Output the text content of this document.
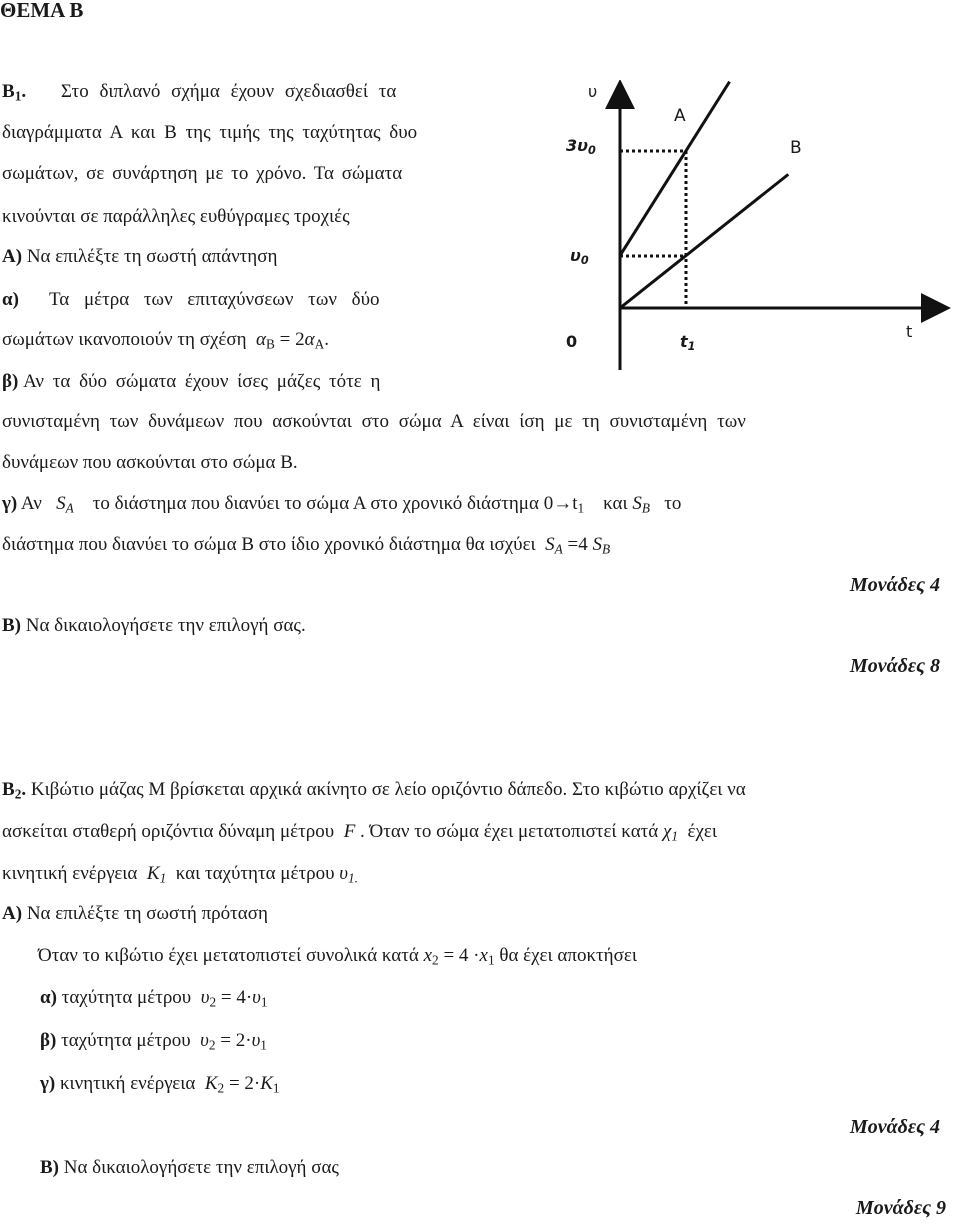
ΘΕΜΑ Β
$B_1$. Στο διπλανό σχήμα έχουν σχεδιασθεί τα
διαγράμματα Α και Β της τιμής της ταχύτητας δυο
σωμάτων, σε συνάρτηση με το χρόνο. Τα σώματα
κινούνται σε παράλληλες ευθύγραμες τροχιές
Α) Να επιλέξτε τη σωστή απάντηση
α) Τα μέτρα των επιταχύνσεων των δύο
σωμάτων ικανοποιούν τη σχέση $\alpha_B = 2\alpha_A$.
β) Αν τα δύο σώματα έχουν ίσες μάζες τότε η
συνισταμένη των δυνάμεων που ασκούνται στο σώμα Α είναι ίση με τη συνισταμένη των
δυνάμεων που ασκούνται στο σώμα Β.
γ) Αν $S_A$ το διάστημα που διανύει το σώμα Α στο χρονικό διάστημα $0\to t_1$ και $S_B$ το
διάστημα που διανύει το σώμα Β στο ίδιο χρονικό διάστημα θα ισχύει $S_A =4$ $S_B$
Μονάδες 4
Β) Να δικαιολογήσετε την επιλογή σας.
Μονάδες 8
υ
$3\upsilon_0$
$\upsilon_0$
0	$t_1$
t
Α
Β
$B_2$. Κιβώτιο μάζας Μ βρίσκεται αρχικά ακίνητο σε λείο οριζόντιο δάπεδο. Στο κιβώτιο αρχίζει να
ασκείται σταθερή οριζόντια δύναμη μέτρου F . Όταν το σώμα έχει μετατοπιστεί κατά $\chi_1$ έχει
κινητική ενέργεια $K_1$ και ταχύτητα μέτρου $\upsilon_{1.}$
Α) Να επιλέξτε τη σωστή πρόταση
Όταν το κιβώτιο έχει μετατοπιστεί συνολικά κατά $x_2 = 4 \cdot x_1$ θα έχει αποκτήσει
α) ταχύτητα μέτρου $\upsilon_2 = 4\cdot\upsilon_1$
β) ταχύτητα μέτρου $\upsilon_2 = 2\cdot\upsilon_1$
γ) κινητική ενέργεια $K_2 = 2\cdot K_1$
Μονάδες 4
Β) Να δικαιολογήσετε την επιλογή σας
Μονάδες 9
